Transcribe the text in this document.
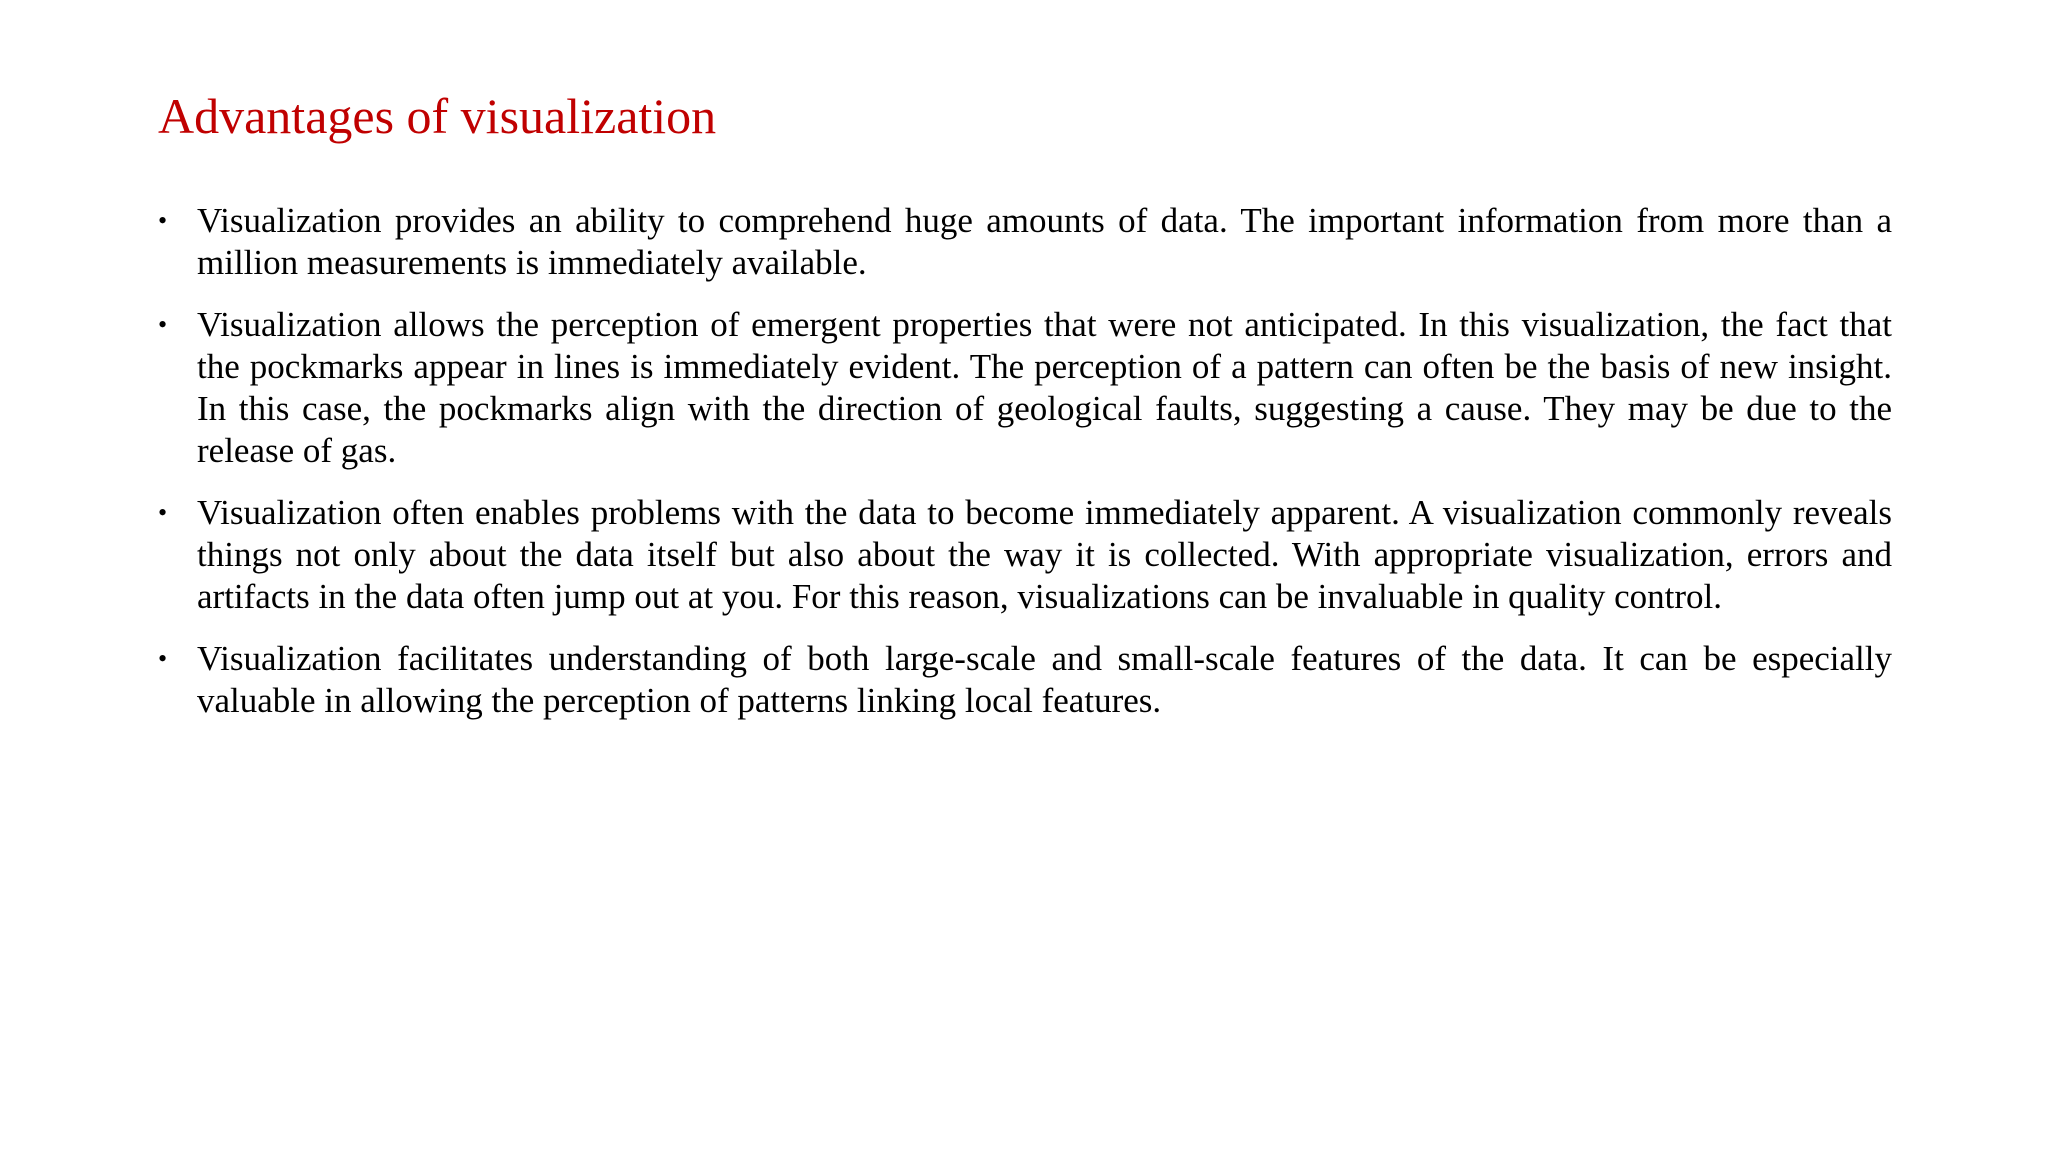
Advantages of visualization
• Visualization provides an ability to comprehend huge amounts of data. The important information from more than a million measurements is immediately available.
• Visualization allows the perception of emergent properties that were not anticipated. In this visualization, the fact that the pockmarks appear in lines is immediately evident. The perception of a pattern can often be the basis of new insight. In this case, the pockmarks align with the direction of geological faults, suggesting a cause. They may be due to the release of gas.
• Visualization often enables problems with the data to become immediately apparent. A visualization commonly reveals things not only about the data itself but also about the way it is collected. With appropriate visualization, errors and artifacts in the data often jump out at you. For this reason, visualizations can be invaluable in quality control.
• Visualization facilitates understanding of both large-scale and small-scale features of the data. It can be especially valuable in allowing the perception of patterns linking local features.
